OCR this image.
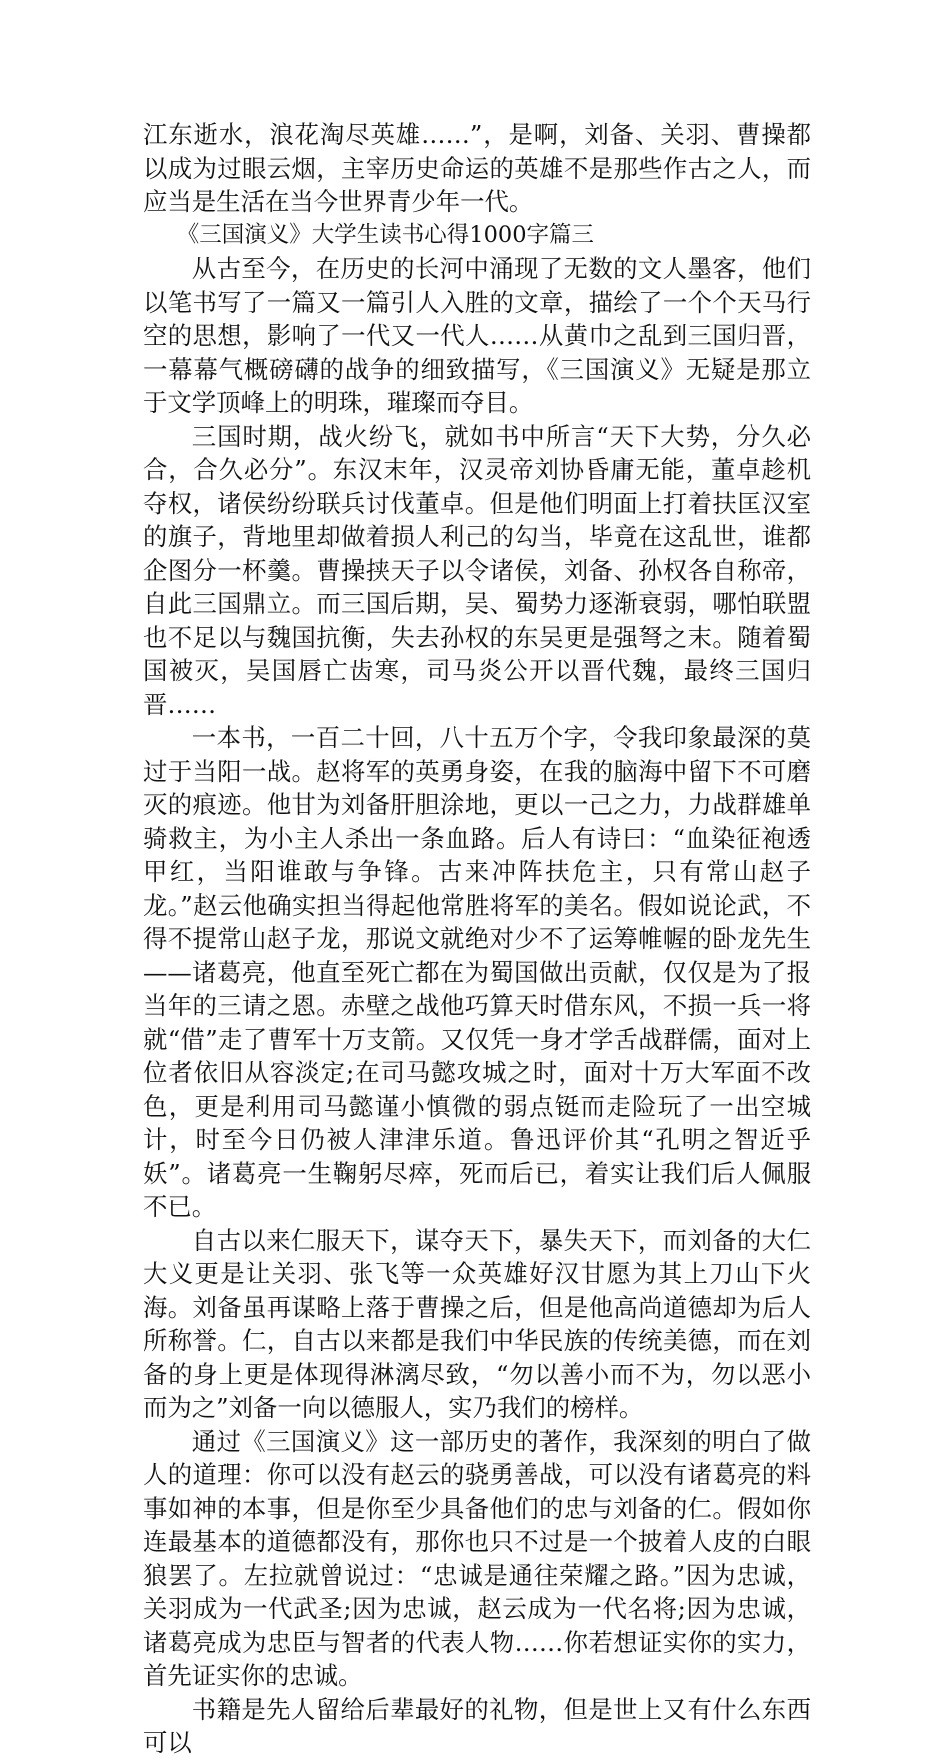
江东逝水，浪花淘尽英雄……”，是啊，刘备、关羽、曹操都以成为过眼云烟，主宰历史命运的英雄不是那些作古之人，而应当是生活在当今世界青少年一代。

《三国演义》大学生读书心得1000字篇三

从古至今，在历史的长河中涌现了无数的文人墨客，他们以笔书写了一篇又一篇引人入胜的文章，描绘了一个个天马行空的思想，影响了一代又一代人……从黄巾之乱到三国归晋，一幕幕气概磅礴的战争的细致描写，《三国演义》无疑是那立于文学顶峰上的明珠，璀璨而夺目。

三国时期，战火纷飞，就如书中所言“天下大势，分久必合，合久必分”。东汉末年，汉灵帝刘协昏庸无能，董卓趁机夺权，诸侯纷纷联兵讨伐董卓。但是他们明面上打着扶匡汉室的旗子，背地里却做着损人利己的勾当，毕竟在这乱世，谁都企图分一杯羹。曹操挟天子以令诸侯，刘备、孙权各自称帝，自此三国鼎立。而三国后期，吴、蜀势力逐渐衰弱，哪怕联盟也不足以与魏国抗衡，失去孙权的东吴更是强弩之末。随着蜀国被灭，吴国唇亡齿寒，司马炎公开以晋代魏，最终三国归晋……

一本书，一百二十回，八十五万个字，令我印象最深的莫过于当阳一战。赵将军的英勇身姿，在我的脑海中留下不可磨灭的痕迹。他甘为刘备肝胆涂地，更以一己之力，力战群雄单骑救主，为小主人杀出一条血路。后人有诗曰：“血染征袍透甲红，当阳谁敢与争锋。古来冲阵扶危主，只有常山赵子龙。”赵云他确实担当得起他常胜将军的美名。假如说论武，不得不提常山赵子龙，那说文就绝对少不了运筹帷幄的卧龙先生——诸葛亮，他直至死亡都在为蜀国做出贡献，仅仅是为了报当年的三请之恩。赤壁之战他巧算天时借东风，不损一兵一将就“借”走了曹军十万支箭。又仅凭一身才学舌战群儒，面对上位者依旧从容淡定;在司马懿攻城之时，面对十万大军面不改色，更是利用司马懿谨小慎微的弱点铤而走险玩了一出空城计，时至今日仍被人津津乐道。鲁迅评价其“孔明之智近乎妖”。诸葛亮一生鞠躬尽瘁，死而后已，着实让我们后人佩服不已。

自古以来仁服天下，谋夺天下，暴失天下，而刘备的大仁大义更是让关羽、张飞等一众英雄好汉甘愿为其上刀山下火海。刘备虽再谋略上落于曹操之后，但是他高尚道德却为后人所称誉。仁，自古以来都是我们中华民族的传统美德，而在刘备的身上更是体现得淋漓尽致，“勿以善小而不为，勿以恶小而为之”刘备一向以德服人，实乃我们的榜样。

通过《三国演义》这一部历史的著作，我深刻的明白了做人的道理：你可以没有赵云的骁勇善战，可以没有诸葛亮的料事如神的本事，但是你至少具备他们的忠与刘备的仁。假如你连最基本的道德都没有，那你也只不过是一个披着人皮的白眼狼罢了。左拉就曾说过：“忠诚是通往荣耀之路。”因为忠诚，关羽成为一代武圣;因为忠诚，赵云成为一代名将;因为忠诚，诸葛亮成为忠臣与智者的代表人物……你若想证实你的实力，首先证实你的忠诚。

书籍是先人留给后辈最好的礼物，但是世上又有什么东西可以
